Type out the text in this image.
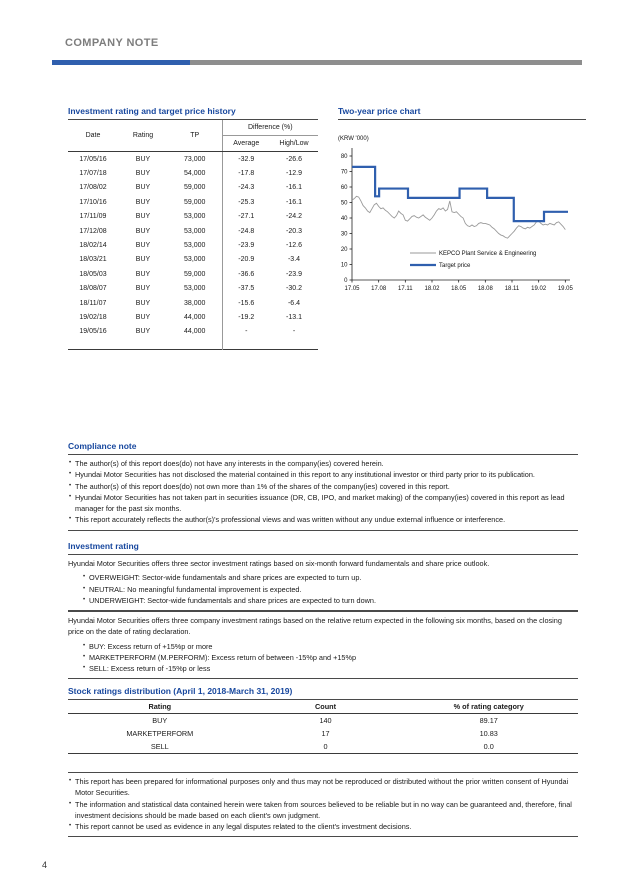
COMPANY NOTE
Investment rating and target price history
Date	Rating	TP	Difference (%)	
			Average	High/Low
17/05/16	BUY	73,000	-32.9	-26.6
17/07/18	BUY	54,000	-17.8	-12.9
17/08/02	BUY	59,000	-24.3	-16.1
17/10/16	BUY	59,000	-25.3	-16.1
17/11/09	BUY	53,000	-27.1	-24.2
17/12/08	BUY	53,000	-24.8	-20.3
18/02/14	BUY	53,000	-23.9	-12.6
18/03/21	BUY	53,000	-20.9	-3.4
18/05/03	BUY	59,000	-36.6	-23.9
18/08/07	BUY	53,000	-37.5	-30.2
18/11/07	BUY	38,000	-15.6	-6.4
19/02/18	BUY	44,000	-19.2	-13.1
19/05/16	BUY	44,000	-	-

Two-year price chart
0
10
20
30
40
50
60
70
80
17.05 17.08 17.11 18.02 18.05 18.08 18.11 19.02 19.05
(KRW '000)
KEPCO Plant Service & Engineering
Target price
Compliance note
• The author(s) of this report does(do) not have any interests in the company(ies) covered herein.
• Hyundai Motor Securities has not disclosed the material contained in this report to any institutional investor or third party prior to its publication.
• The author(s) of this report does(do) not own more than 1% of the shares of the company(ies) covered in this report.
• Hyundai Motor Securities has not taken part in securities issuance (DR, CB, IPO, and market making) of the company(ies) covered in this report as lead manager for the past six months.
• This report accurately reflects the author(s)'s professional views and was written without any undue external influence or interference.
Investment rating

Hyundai Motor Securities offers three sector investment ratings based on six-month forward fundamentals and share price outlook.

• OVERWEIGHT: Sector-wide fundamentals and share prices are expected to turn up.
• NEUTRAL: No meaningful fundamental improvement is expected.
• UNDERWEIGHT: Sector-wide fundamentals and share prices are expected to turn down.

Hyundai Motor Securities offers three company investment ratings based on the relative return expected in the following six months, based on the closing price on the date of rating declaration.

• BUY: Excess return of +15%p or more
• MARKETPERFORM (M.PERFORM): Excess return of between -15%p and +15%p
• SELL: Excess return of -15%p or less
Stock ratings distribution (April 1, 2018-March 31, 2019)
Rating	Count	% of rating category
BUY	140	89.17
MARKETPERFORM	17	10.83
SELL	0	0.0
• This report has been prepared for informational purposes only and thus may not be reproduced or distributed without the prior written consent of Hyundai Motor Securities.
• The information and statistical data contained herein were taken from sources believed to be reliable but in no way can be guaranteed and, therefore, final investment decisions should be made based on each client's own judgment.
• This report cannot be used as evidence in any legal disputes related to the client's investment decisions.
4
